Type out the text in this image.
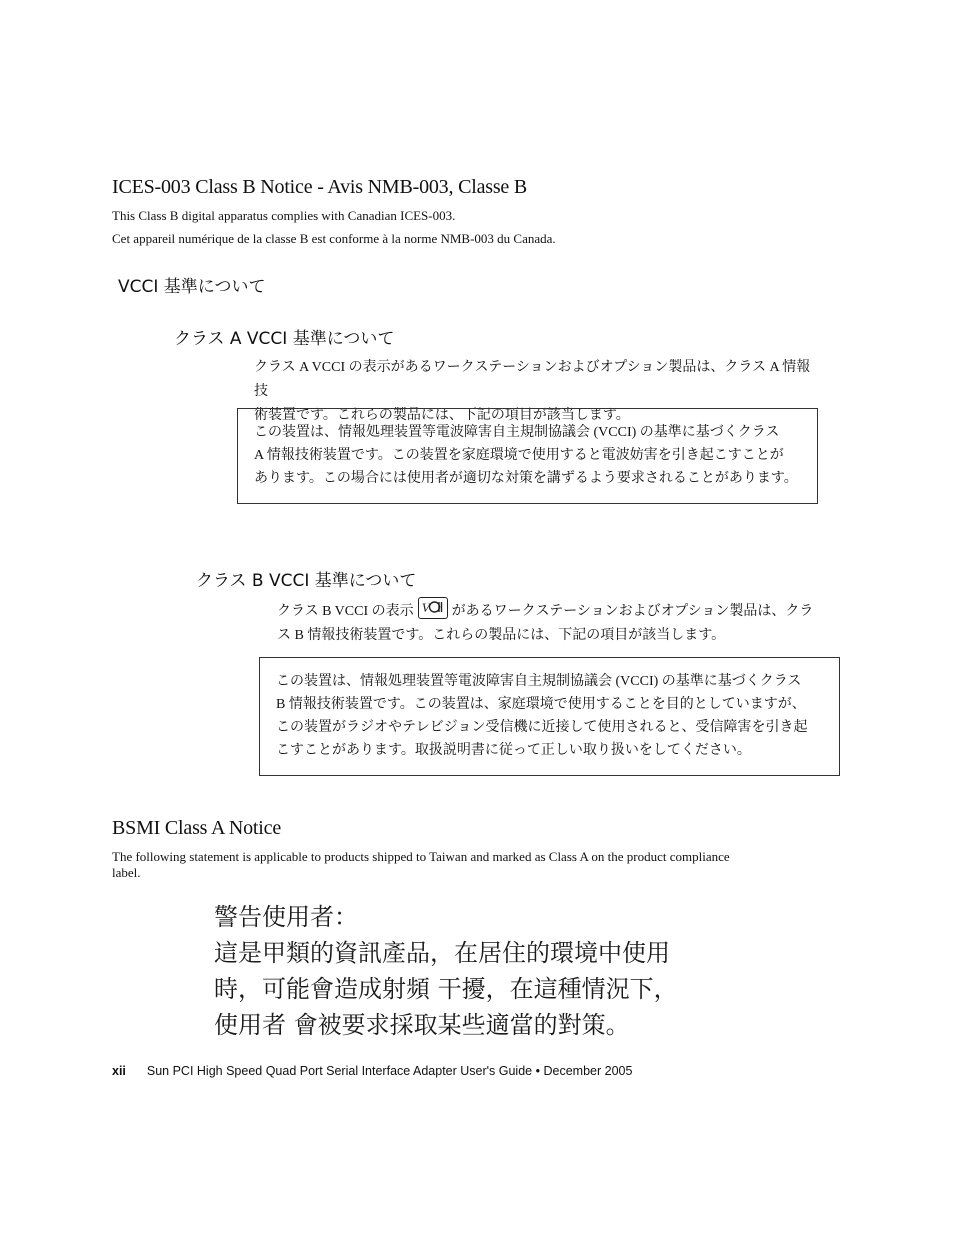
ICES-003 Class B Notice - Avis NMB-003, Classe B
This Class B digital apparatus complies with Canadian ICES-003.
Cet appareil numérique de la classe B est conforme à la norme NMB-003 du Canada.
VCCI 基準について
クラス A VCCI 基準について
クラス A VCCI の表示があるワークステーションおよびオプション製品は、クラス A 情報技
術装置です。これらの製品には、下記の項目が該当します。
この装置は、情報処理装置等電波障害自主規制協議会 (VCCI) の基準に基づくクラス
A 情報技術装置です。この装置を家庭環境で使用すると電波妨害を引き起こすことが
あります。この場合には使用者が適切な対策を講ずるよう要求されることがあります。
クラス B VCCI 基準について
クラス B VCCI の表示 V があるワークステーションおよびオプション製品は、クラ
ス B 情報技術装置です。これらの製品には、下記の項目が該当します。
この装置は、情報処理装置等電波障害自主規制協議会 (VCCI) の基準に基づくクラス
B 情報技術装置です。この装置は、家庭環境で使用することを目的としていますが、
この装置がラジオやテレビジョン受信機に近接して使用されると、受信障害を引き起
こすことがあります。取扱説明書に従って正しい取り扱いをしてください。
BSMI Class A Notice
The following statement is applicable to products shipped to Taiwan and marked as Class A on the product compliance
label.
警告使用者：
這是甲類的資訊產品，在居住的環境中使用
時，可能會造成射頻 干擾，在這種情況下，
使用者 會被要求採取某些適當的對策。
xii Sun PCI High Speed Quad Port Serial Interface Adapter User's Guide • December 2005
